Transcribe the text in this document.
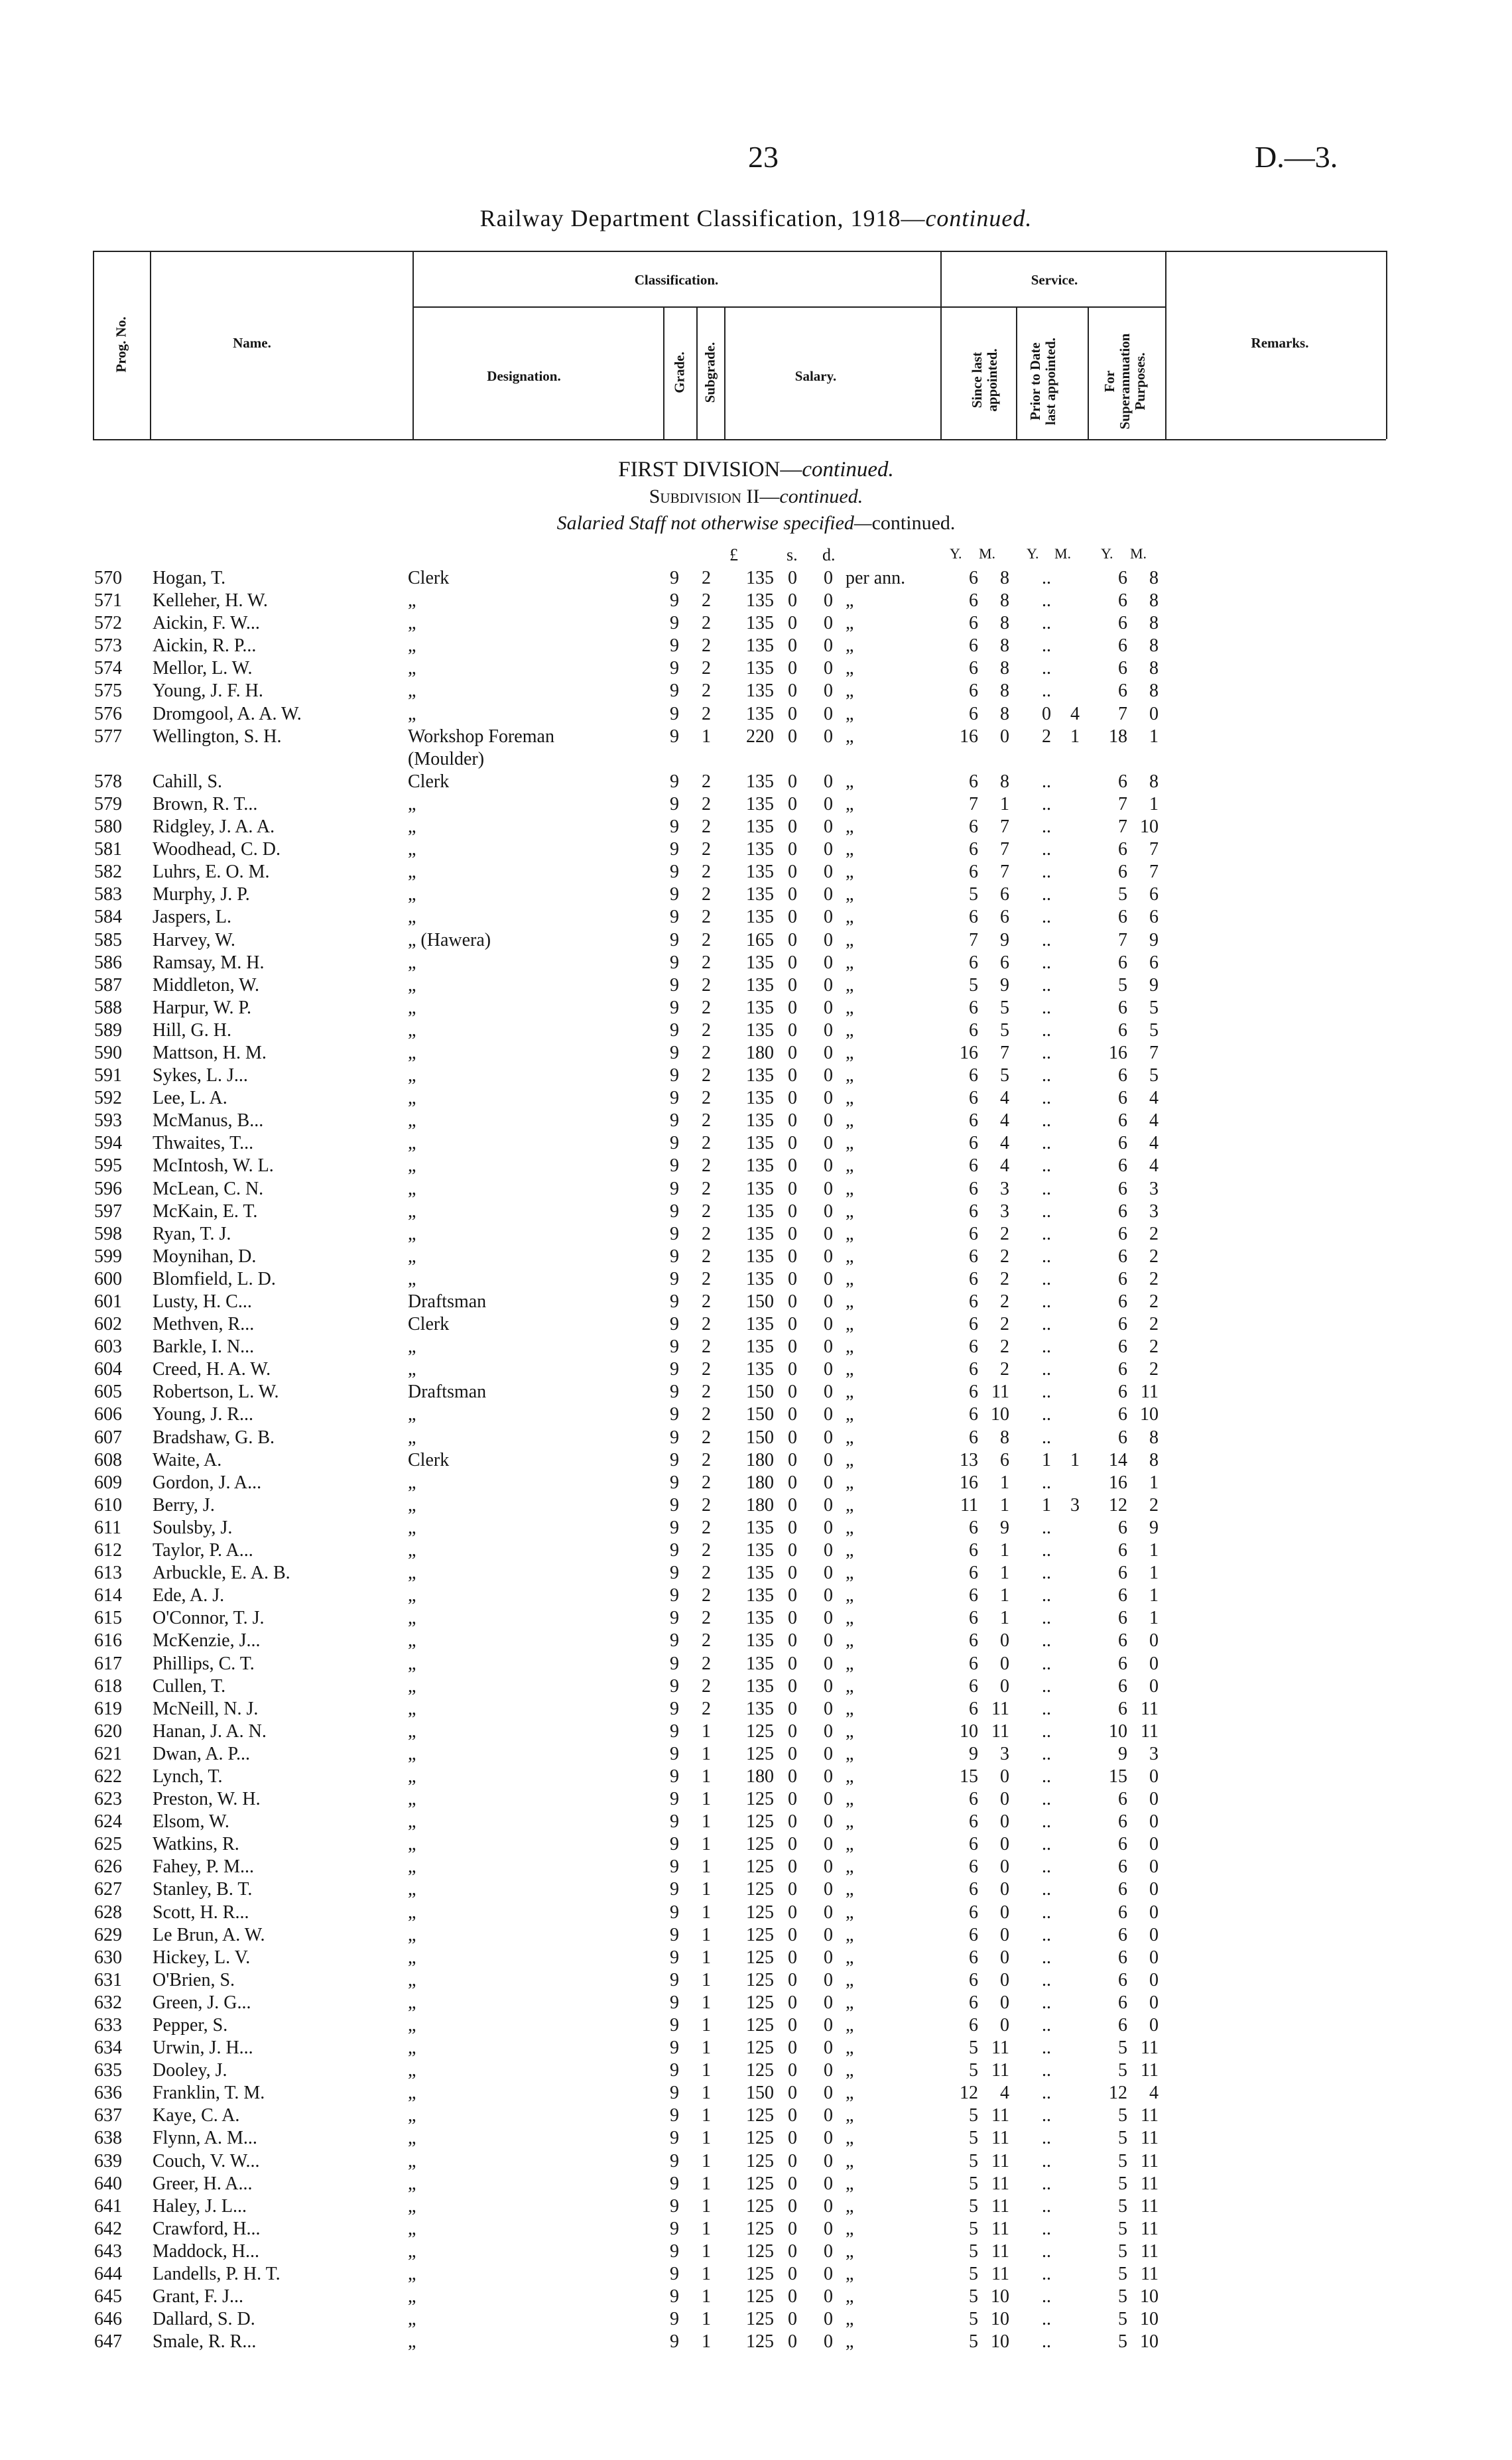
23	D.—3.
Railway Department Classification, 1918—continued.
Prog. No.	Name.
Classification.
Designation.	Grade. Subgrade.	Salary.
Service.
Since last appointed. Prior to Date last appointed.	For Superannuation Purposes.
Remarks.
FIRST DIVISION—continued.
Subdivision II—continued.
Salaried Staff not otherwise specified—continued.
£	s. d.	Y. M. Y. M. Y. M.
570 Hogan, T.	Clerk	9 2	135 0 0 per ann.	6	8	..	6	8
571 Kelleher, H. W.	„	9 2	135 0 0 „	6	8	..	6	8
572 Aickin, F. W...	„	9 2	135 0 0 „	6	8	..	6	8
573 Aickin, R. P...	„	9 2	135 0 0 „	6	8	..	6	8
574 Mellor, L. W.	„	9 2	135 0 0 „	6	8	..	6	8
575 Young, J. F. H.	„	9 2	135 0 0 „	6	8	..	6	8
576 Dromgool, A. A. W.	„	9 2	135 0 0 „	6	8	0	4	7	0
577 Wellington, S. H.	Workshop Foreman	9 1	220 0 0 „	16	0	2	1	18	1
(Moulder)
578 Cahill, S.	Clerk	9 2	135 0 0 „	6	8	..	6	8
579 Brown, R. T...	„	9 2	135 0 0 „	7	1	..	7	1
580 Ridgley, J. A. A.	„	9 2	135 0 0 „	6	7	..	7 10
581 Woodhead, C. D.	„	9 2	135 0 0 „	6	7	..	6	7
582 Luhrs, E. O. M.	„	9 2	135 0 0 „	6	7	..	6	7
583 Murphy, J. P.	„	9 2	135 0 0 „	5	6	..	5	6
584 Jaspers, L.	„	9 2	135 0 0 „	6	6	..	6	6
585 Harvey, W.	„ (Hawera)	9 2	165 0 0 „	7	9	..	7	9
586 Ramsay, M. H.	„	9 2	135 0 0 „	6	6	..	6	6
587 Middleton, W.	„	9 2	135 0 0 „	5	9	..	5	9
588 Harpur, W. P.	„	9 2	135 0 0 „	6	5	..	6	5
589 Hill, G. H.	„	9 2	135 0 0 „	6	5	..	6	5
590 Mattson, H. M.	„	9 2	180 0 0 „	16	7	..	16	7
591 Sykes, L. J...	„	9 2	135 0 0 „	6	5	..	6	5
592 Lee, L. A.	„	9 2	135 0 0 „	6	4	..	6	4
593 McManus, B...	„	9 2	135 0 0 „	6	4	..	6	4
594 Thwaites, T...	„	9 2	135 0 0 „	6	4	..	6	4
595 McIntosh, W. L.	„	9 2	135 0 0 „	6	4	..	6	4
596 McLean, C. N.	„	9 2	135 0 0 „	6	3	..	6	3
597 McKain, E. T.	„	9 2	135 0 0 „	6	3	..	6	3
598 Ryan, T. J.	„	9 2	135 0 0 „	6	2	..	6	2
599 Moynihan, D.	„	9 2	135 0 0 „	6	2	..	6	2
600 Blomfield, L. D.	„	9 2	135 0 0 „	6	2	..	6	2
601 Lusty, H. C...	Draftsman	9 2	150 0 0 „	6	2	..	6	2
602 Methven, R...	Clerk	9 2	135 0 0 „	6	2	..	6	2
603 Barkle, I. N...	„	9 2	135 0 0 „	6	2	..	6	2
604 Creed, H. A. W.	„	9 2	135 0 0 „	6	2	..	6	2
605 Robertson, L. W.	Draftsman	9 2	150 0 0 „	6 11	..	6 11
606 Young, J. R...	„	9 2	150 0 0 „	6 10	..	6 10
607 Bradshaw, G. B.	„	9 2	150 0 0 „	6	8	..	6	8
608 Waite, A.	Clerk	9 2	180 0 0 „	13	6	1	1	14	8
609 Gordon, J. A...	„	9 2	180 0 0 „	16	1	..	16	1
610 Berry, J.	„	9 2	180 0 0 „	11	1	1	3	12	2
611 Soulsby, J.	„	9 2	135 0 0 „	6	9	..	6	9
612 Taylor, P. A...	„	9 2	135 0 0 „	6	1	..	6	1
613 Arbuckle, E. A. B.	„	9 2	135 0 0 „	6	1	..	6	1
614 Ede, A. J.	„	9 2	135 0 0 „	6	1	..	6	1
615 O'Connor, T. J.	„	9 2	135 0 0 „	6	1	..	6	1
616 McKenzie, J...	„	9 2	135 0 0 „	6	0	..	6	0
617 Phillips, C. T.	„	9 2	135 0 0 „	6	0	..	6	0
618 Cullen, T.	„	9 2	135 0 0 „	6	0	..	6	0
619 McNeill, N. J.	„	9 2	135 0 0 „	6 11	..	6 11
620 Hanan, J. A. N.	„	9 1	125 0 0 „	10 11	..	10 11
621 Dwan, A. P...	„	9 1	125 0 0 „	9	3	..	9	3
622 Lynch, T.	„	9 1	180 0 0 „	15	0	..	15	0
623 Preston, W. H.	„	9 1	125 0 0 „	6	0	..	6	0
624 Elsom, W.	„	9 1	125 0 0 „	6	0	..	6	0
625 Watkins, R.	„	9 1	125 0 0 „	6	0	..	6	0
626 Fahey, P. M...	„	9 1	125 0 0 „	6	0	..	6	0
627 Stanley, B. T.	„	9 1	125 0 0 „	6	0	..	6	0
628 Scott, H. R...	„	9 1	125 0 0 „	6	0	..	6	0
629 Le Brun, A. W.	„	9 1	125 0 0 „	6	0	..	6	0
630 Hickey, L. V.	„	9 1	125 0 0 „	6	0	..	6	0
631 O'Brien, S.	„	9 1	125 0 0 „	6	0	..	6	0
632 Green, J. G...	„	9 1	125 0 0 „	6	0	..	6	0
633 Pepper, S.	„	9 1	125 0 0 „	6	0	..	6	0
634 Urwin, J. H...	„	9 1	125 0 0 „	5 11	..	5 11
635 Dooley, J.	„	9 1	125 0 0 „	5 11	..	5 11
636 Franklin, T. M.	„	9 1	150 0 0 „	12	4	..	12	4
637 Kaye, C. A.	„	9 1	125 0 0 „	5 11	..	5 11
638 Flynn, A. M...	„	9 1	125 0 0 „	5 11	..	5 11
639 Couch, V. W...	„	9 1	125 0 0 „	5 11	..	5 11
640 Greer, H. A...	„	9 1	125 0 0 „	5 11	..	5 11
641 Haley, J. L...	„	9 1	125 0 0 „	5 11	..	5 11
642 Crawford, H...	„	9 1	125 0 0 „	5 11	..	5 11
643 Maddock, H...	„	9 1	125 0 0 „	5 11	..	5 11
644 Landells, P. H. T.	„	9 1	125 0 0 „	5 11	..	5 11
645 Grant, F. J...	„	9 1	125 0 0 „	5 10	..	5 10
646 Dallard, S. D.	„	9 1	125 0 0 „	5 10	..	5 10
647 Smale, R. R...	„	9 1	125 0 0 „	5 10	..	5 10
